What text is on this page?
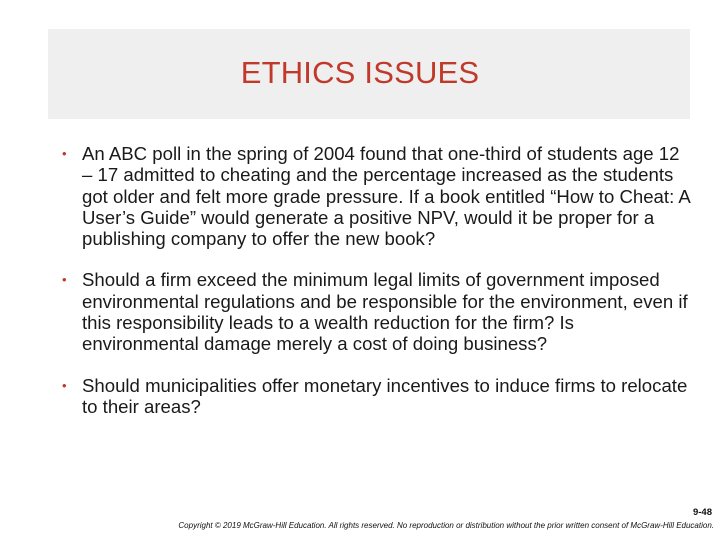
ETHICS ISSUES
• An ABC poll in the spring of 2004 found that one-third of students age 12 – 17 admitted to cheating and the percentage increased as the students got older and felt more grade pressure. If a book entitled “How to Cheat: A User’s Guide” would generate a positive NPV, would it be proper for a publishing company to offer the new book?
• Should a firm exceed the minimum legal limits of government imposed environmental regulations and be responsible for the environment, even if this responsibility leads to a wealth reduction for the firm? Is environmental damage merely a cost of doing business?
• Should municipalities offer monetary incentives to induce firms to relocate to their areas?
9-48
Copyright © 2019 McGraw-Hill Education. All rights reserved. No reproduction or distribution without the prior written consent of McGraw-Hill Education.
